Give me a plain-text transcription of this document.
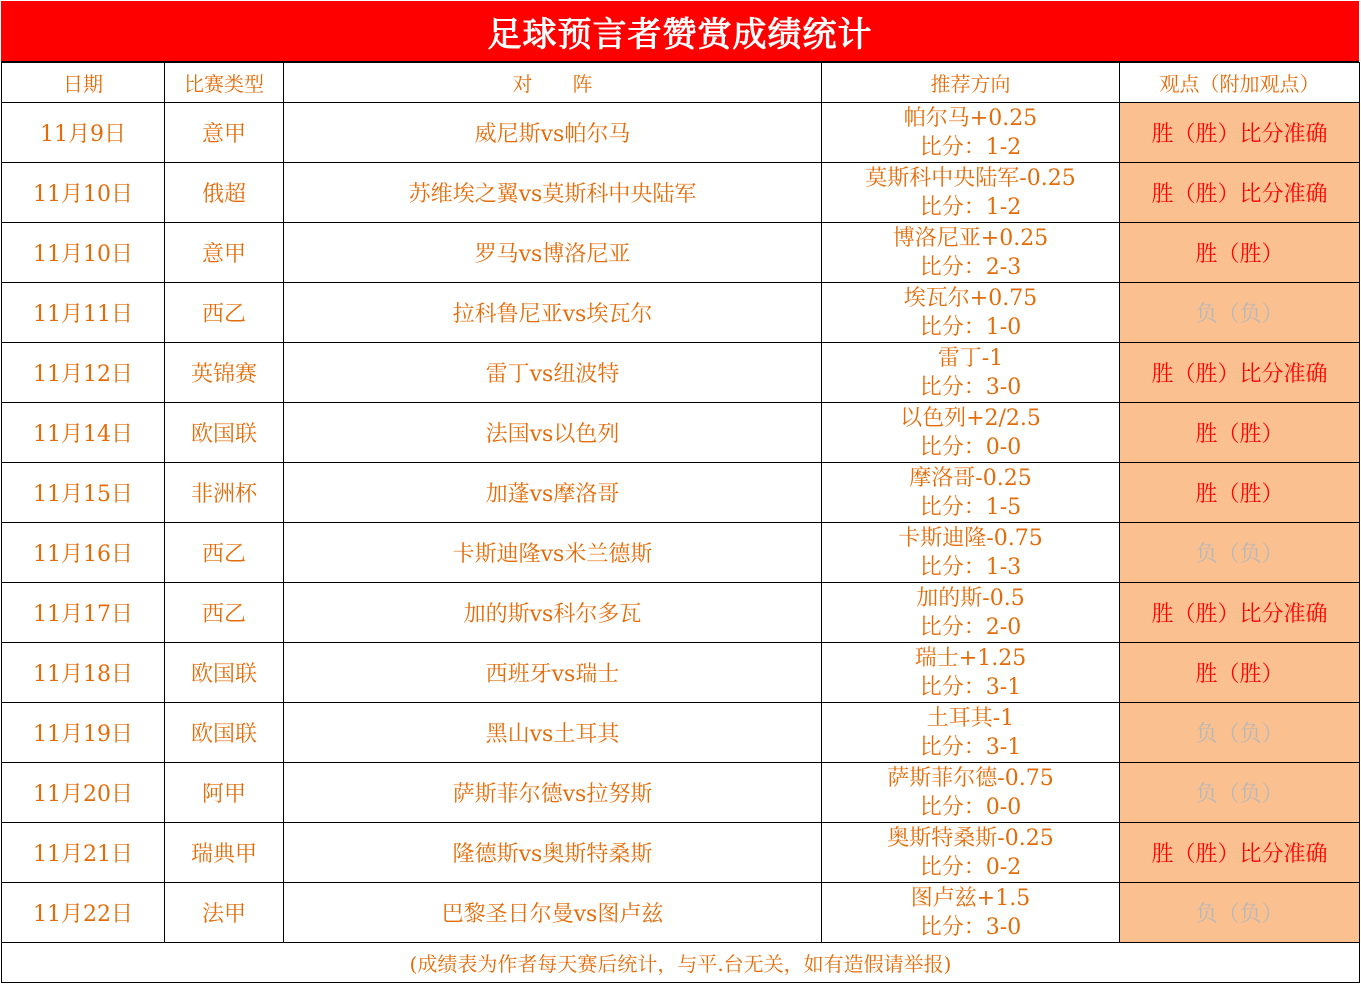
足球预言者赞赏成绩统计
日期	比赛类型	对　　阵	推荐方向	观点（附加观点）
11月9日	意甲	威尼斯vs帕尔马	帕尔马+0.25
比分：1-2	胜（胜）比分准确
11月10日	俄超	苏维埃之翼vs莫斯科中央陆军	莫斯科中央陆军-0.25
比分：1-2	胜（胜）比分准确
11月10日	意甲	罗马vs博洛尼亚	博洛尼亚+0.25
比分：2-3	胜（胜）
11月11日	西乙	拉科鲁尼亚vs埃瓦尔	埃瓦尔+0.75
比分：1-0	负（负）
11月12日	英锦赛	雷丁vs纽波特	雷丁-1
比分：3-0	胜（胜）比分准确
11月14日	欧国联	法国vs以色列	以色列+2/2.5
比分：0-0	胜（胜）
11月15日	非洲杯	加蓬vs摩洛哥	摩洛哥-0.25
比分：1-5	胜（胜）
11月16日	西乙	卡斯迪隆vs米兰德斯	卡斯迪隆-0.75
比分：1-3	负（负）
11月17日	西乙	加的斯vs科尔多瓦	加的斯-0.5
比分：2-0	胜（胜）比分准确
11月18日	欧国联	西班牙vs瑞士	瑞士+1.25
比分：3-1	胜（胜）
11月19日	欧国联	黑山vs土耳其	土耳其-1
比分：3-1	负（负）
11月20日	阿甲	萨斯菲尔德vs拉努斯	萨斯菲尔德-0.75
比分：0-0	负（负）
11月21日	瑞典甲	隆德斯vs奥斯特桑斯	奥斯特桑斯-0.25
比分：0-2	胜（胜）比分准确
11月22日	法甲	巴黎圣日尔曼vs图卢兹	图卢兹+1.5
比分：3-0	负（负）
(成绩表为作者每天赛后统计，与平.台无关，如有造假请举报)				
